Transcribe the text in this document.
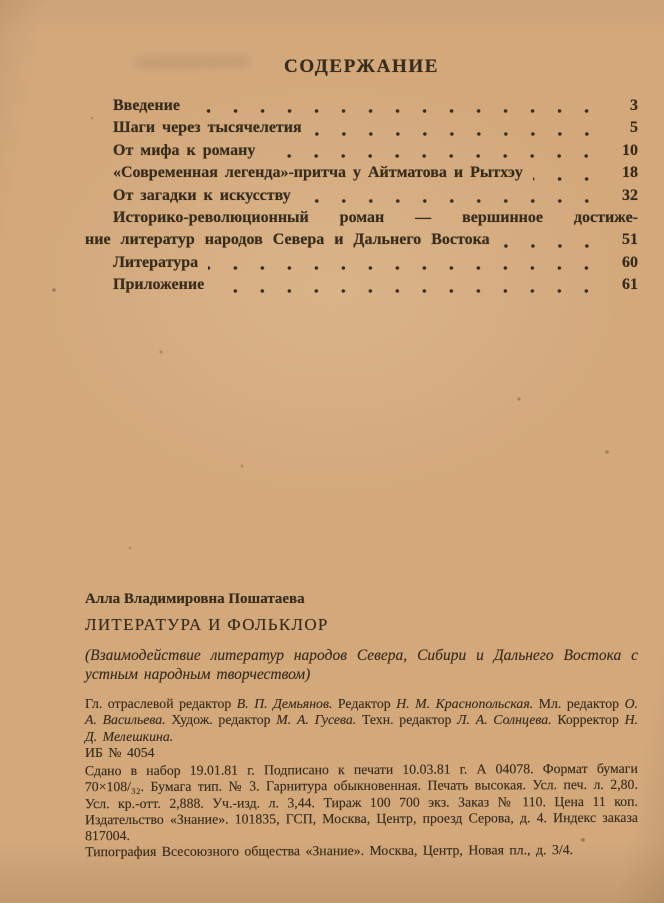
СОДЕРЖАНИЕ
Введение	3
Шаги через тысячелетия	5
От мифа к роману	10
«Современная легенда»-притча у Айтматова и Рытхэу	18
От загадки к искусству	32
Историко-революционный роман — вершинное достиже-
ние литератур народов Севера и Дальнего Востока	51
Литература	60
Приложение	61

Алла Владимировна Пошатаева

ЛИТЕРАТУРА И ФОЛЬКЛОР

(Взаимодействие литератур народов Севера, Сибири и Дальнего Востока с устным народным творчеством)

Гл. отраслевой редактор В. П. Демьянов. Редактор Н. М. Краснопольская. Мл. редактор О. А. Васильева. Худож. редактор М. А. Гусева. Техн. редактор Л. А. Солнцева. Корректор Н. Д. Мелешкина.

ИБ № 4054

Сдано в набор 19.01.81 г. Подписано к печати 10.03.81 г. А 04078. Формат бумаги 70×108/₃₂. Бумага тип. № 3. Гарнитура обыкновенная. Печать высокая. Усл. печ. л. 2,80. Усл. кр.-отт. 2,888. Уч.-изд. л. 3,44. Тираж 100 700 экз. Заказ № 110. Цена 11 коп. Издательство «Знание». 101835, ГСП, Москва, Центр, проезд Серова, д. 4. Индекс заказа 817004.

Типография Всесоюзного общества «Знание». Москва, Центр, Новая пл., д. 3/4.
